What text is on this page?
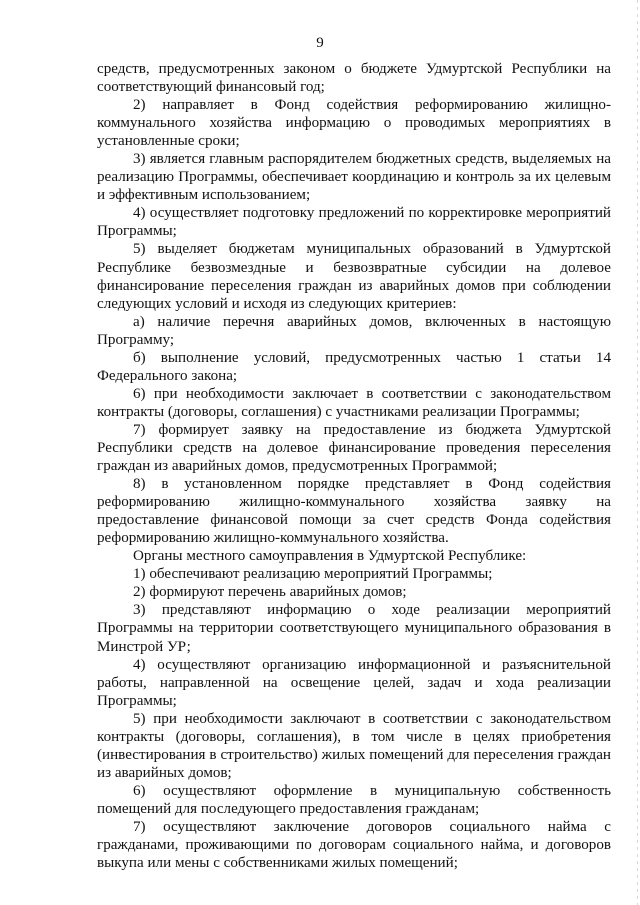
9

средств, предусмотренных законом о бюджете Удмуртской Республики на соответствующий финансовый год;

2) направляет в Фонд содействия реформированию жилищно-коммунального хозяйства информацию о проводимых мероприятиях в установленные сроки;

3) является главным распорядителем бюджетных средств, выделяемых на реализацию Программы, обеспечивает координацию и контроль за их целевым и эффективным использованием;

4) осуществляет подготовку предложений по корректировке мероприятий Программы;

5) выделяет бюджетам муниципальных образований в Удмуртской Республике безвозмездные и безвозвратные субсидии на долевое финансирование переселения граждан из аварийных домов при соблюдении следующих условий и исходя из следующих критериев:

а) наличие перечня аварийных домов, включенных в настоящую Программу;

б) выполнение условий, предусмотренных частью 1 статьи 14 Федерального закона;

6) при необходимости заключает в соответствии с законодательством контракты (договоры, соглашения) с участниками реализации Программы;

7) формирует заявку на предоставление из бюджета Удмуртской Республики средств на долевое финансирование проведения переселения граждан из аварийных домов, предусмотренных Программой;

8) в установленном порядке представляет в Фонд содействия реформированию жилищно-коммунального хозяйства заявку на предоставление финансовой помощи за счет средств Фонда содействия реформированию жилищно-коммунального хозяйства.

Органы местного самоуправления в Удмуртской Республике:

1) обеспечивают реализацию мероприятий Программы;

2) формируют перечень аварийных домов;

3) представляют информацию о ходе реализации мероприятий Программы на территории соответствующего муниципального образования в Минстрой УР;

4) осуществляют организацию информационной и разъяснительной работы, направленной на освещение целей, задач и хода реализации Программы;

5) при необходимости заключают в соответствии с законодательством контракты (договоры, соглашения), в том числе в целях приобретения (инвестирования в строительство) жилых помещений для переселения граждан из аварийных домов;

6) осуществляют оформление в муниципальную собственность помещений для последующего предоставления гражданам;

7) осуществляют заключение договоров социального найма с гражданами, проживающими по договорам социального найма, и договоров выкупа или мены с собственниками жилых помещений;
